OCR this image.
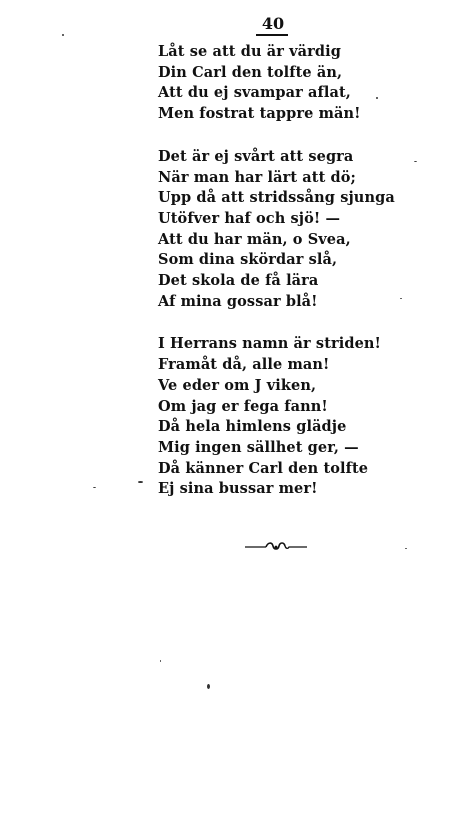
40
Låt se att du är värdig
Din Carl den tolfte än,
Att du ej svampar aflat,
Men fostrat tappre män!
Det är ej svårt att segra
När man har lärt att dö;
Upp då att stridssång sjunga
Utöfver haf och sjö! —
Att du har män, o Svea,
Som dina skördar slå,
Det skola de få lära
Af mina gossar blå!
I Herrans namn är striden!
Framåt då, alle man!
Ve eder om J viken,
Om jag er fega fann!
Då hela himlens glädje
Mig ingen sällhet ger, —
Då känner Carl den tolfte
Ej sina bussar mer!
